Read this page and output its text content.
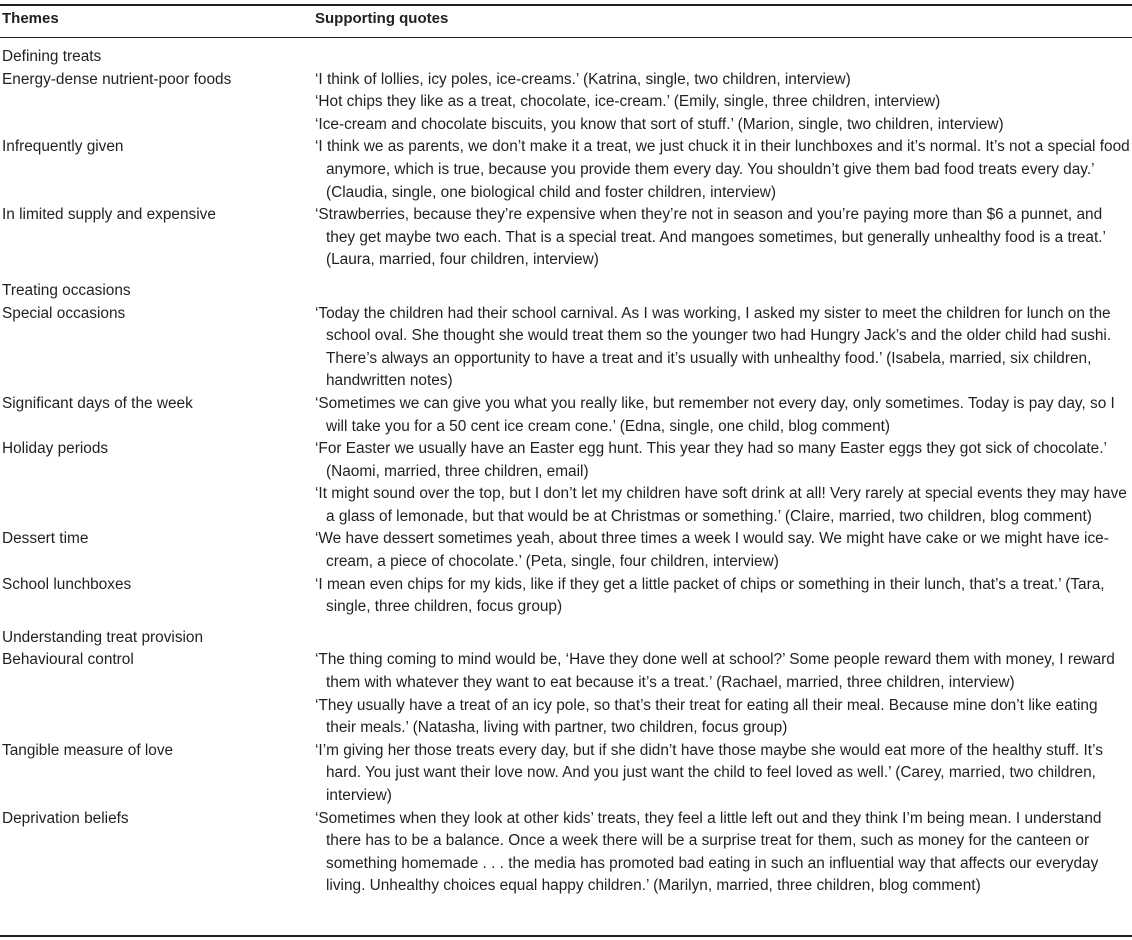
Themes	Supporting quotes
Defining treats
Energy-dense nutrient-poor foods	‘I think of lollies, icy poles, ice-creams.’ (Katrina, single, two children, interview)
‘Hot chips they like as a treat, chocolate, ice-cream.’ (Emily, single, three children, interview)
‘Ice-cream and chocolate biscuits, you know that sort of stuff.’ (Marion, single, two children, interview)
Infrequently given	‘I think we as parents, we don’t make it a treat, we just chuck it in their lunchboxes and it’s normal. It’s not a special food anymore, which is true, because you provide them every day. You shouldn’t give them bad food treats every day.’ (Claudia, single, one biological child and foster children, interview)
In limited supply and expensive	‘Strawberries, because they’re expensive when they’re not in season and you’re paying more than $6 a punnet, and they get maybe two each. That is a special treat. And mangoes sometimes, but generally unhealthy food is a treat.’ (Laura, married, four children, interview)
Treating occasions
Special occasions	‘Today the children had their school carnival. As I was working, I asked my sister to meet the children for lunch on the school oval. She thought she would treat them so the younger two had Hungry Jack’s and the older child had sushi. There’s always an opportunity to have a treat and it’s usually with unhealthy food.’ (Isabela, married, six children, handwritten notes)
Significant days of the week	‘Sometimes we can give you what you really like, but remember not every day, only sometimes. Today is pay day, so I will take you for a 50 cent ice cream cone.’ (Edna, single, one child, blog comment)
Holiday periods	‘For Easter we usually have an Easter egg hunt. This year they had so many Easter eggs they got sick of chocolate.’ (Naomi, married, three children, email)
‘It might sound over the top, but I don’t let my children have soft drink at all! Very rarely at special events they may have a glass of lemonade, but that would be at Christmas or something.’ (Claire, married, two children, blog comment)
Dessert time	‘We have dessert sometimes yeah, about three times a week I would say. We might have cake or we might have ice-cream, a piece of chocolate.’ (Peta, single, four children, interview)
School lunchboxes	‘I mean even chips for my kids, like if they get a little packet of chips or something in their lunch, that’s a treat.’ (Tara, single, three children, focus group)
Understanding treat provision
Behavioural control	‘The thing coming to mind would be, ‘Have they done well at school?’ Some people reward them with money, I reward them with whatever they want to eat because it’s a treat.’ (Rachael, married, three children, interview)
‘They usually have a treat of an icy pole, so that’s their treat for eating all their meal. Because mine don’t like eating their meals.’ (Natasha, living with partner, two children, focus group)
Tangible measure of love	‘I’m giving her those treats every day, but if she didn’t have those maybe she would eat more of the healthy stuff. It’s hard. You just want their love now. And you just want the child to feel loved as well.’ (Carey, married, two children, interview)
Deprivation beliefs	‘Sometimes when they look at other kids’ treats, they feel a little left out and they think I’m being mean. I understand there has to be a balance. Once a week there will be a surprise treat for them, such as money for the canteen or something homemade . . . the media has promoted bad eating in such an influential way that affects our everyday living. Unhealthy choices equal happy children.’ (Marilyn, married, three children, blog comment)
